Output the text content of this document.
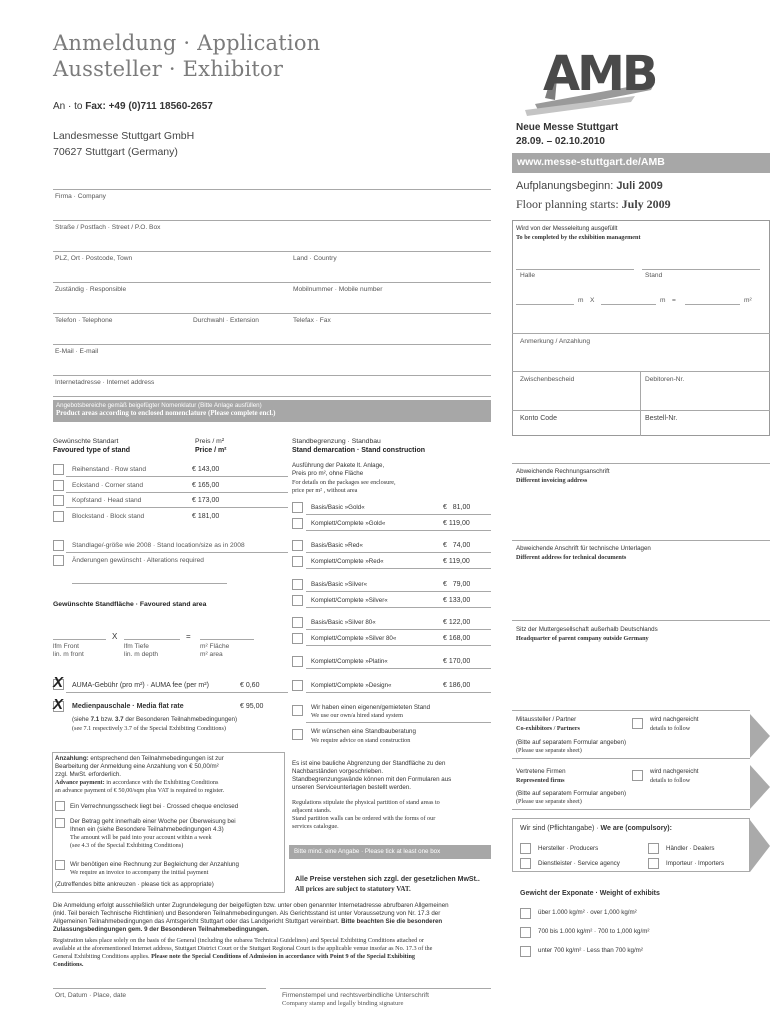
Anmeldung · Application
Aussteller · Exhibitor	AMB
An · to Fax: +49 (0)711 18560-2657
Landesmesse Stuttgart GmbH
70627 Stuttgart (Germany)
Neue Messe Stuttgart
28.09. – 02.10.2010
www.messe-stuttgart.de/AMB
Aufplanungsbeginn: Juli 2009
Floor planning starts: July 2009
Firma · Company
Straße / Postfach · Street / P.O. Box
PLZ, Ort · Postcode, Town	Land · Country
Zuständig · Responsible	Mobilnummer · Mobile number
Telefon · Telephone	Durchwahl · Extension	Telefax · Fax
E-Mail · E-mail
Internetadresse · Internet address
Angebotsbereiche gemäß beigefügter Nomenklatur (Bitte Anlage ausfüllen)
Product areas according to enclosed nomenclature (Please complete encl.)
Gewünschte Standart
Favoured type of stand
Preis / m²
Price / m²
Reihenstand · Row stand	€ 143,00
Eckstand · Corner stand	€ 165,00
Kopfstand · Head stand	€ 173,00
Blockstand · Block stand	€ 181,00
Standlage/-größe wie 2008 · Stand location/size as in 2008
Änderungen gewünscht · Alterations required
Gewünschte Standfläche · Favoured stand area
X	=
lfm Front
lin. m front
lfm Tiefe
lin. m depth
m² Fläche
m² area
X AUMA-Gebühr (pro m²) · AUMA fee (per m²)	€ 0,60
X Medienpauschale · Media flat rate	€ 95,00
(siehe 7.1 bzw. 3.7 der Besonderen Teilnahmebedingungen)
(see 7.1 respectively 3.7 of the Special Exhibiting Conditions)
Anzahlung: entsprechend den Teilnahmebedingungen ist zur
Bearbeitung der Anmeldung eine Anzahlung von € 50,00/m²
zzgl. MwSt. erforderlich.
Advance payment: in accordance with the Exhibiting Conditions
an advance payment of € 50,00/sqm plus VAT is required to register.
Ein Verrechnungsscheck liegt bei · Crossed cheque enclosed
Der Betrag geht innerhalb einer Woche per Überweisung bei
Ihnen ein (siehe Besondere Teilnahmebedingungen 4.3)
The amount will be paid into your account within a week
(see 4.3 of the Special Exhibiting Conditions)
Wir benötigen eine Rechnung zur Begleichung der Anzahlung
We require an invoice to accompany the initial payment
(Zutreffendes bitte ankreuzen · please tick as appropriate)
Standbegrenzung · Standbau
Stand demarcation · Stand construction
Ausführung der Pakete lt. Anlage,
Preis pro m², ohne Fläche
For details on the packages see enclosure,
price per m² , without area
Basis/Basic »Gold«	€   81,00
Komplett/Complete »Gold«	€ 119,00
Basis/Basic »Red«	€   74,00
Komplett/Complete »Red«	€ 119,00
Basis/Basic »Silver«	€   79,00
Komplett/Complete »Silver«	€ 133,00
Basis/Basic »Silver 80«	€ 122,00
Komplett/Complete »Silver 80«	€ 168,00
Komplett/Complete »Platin«	€ 170,00
Komplett/Complete »Design«	€ 186,00
Wir haben einen eigenen/gemieteten Stand
We use our own/a hired stand system
Wir wünschen eine Standbauberatung
We require advice on stand construction
Es ist eine bauliche Abgrenzung der Standfläche zu den
Nachbarständen vorgeschrieben.
Standbegrenzungswände können mit den Formularen aus
unseren Serviceunterlagen bestellt werden.
Regulations stipulate the physical partition of stand areas to
adjacent stands.
Stand partition walls can be ordered with the forms of our
services catalogue.
Bitte mind. eine Angabe · Please tick at least one box
Alle Preise verstehen sich zzgl. der gesetzlichen MwSt..
All prices are subject to statutory VAT.
Wird von der Messeleitung ausgefüllt
To be completed by the exhibition management
Halle	Stand
m X	m =	m²
Anmerkung / Anzahlung
Zwischenbescheid	Debitoren-Nr.
Konto Code	Bestell-Nr.
Abweichende Rechnungsanschrift
Different invoicing address
Abweichende Anschrift für technische Unterlagen
Different address for technical documents
Sitz der Muttergesellschaft außerhalb Deutschlands
Headquarter of parent company outside Germany
Mitaussteller / Partner
Co-exhibitors / Partners
wird nachgereicht
details to follow
(Bitte auf separatem Formular angeben)
(Please use separate sheet)
Vertretene Firmen
Represented firms
wird nachgereicht
details to follow
(Bitte auf separatem Formular angeben)
(Please use separate sheet)
Wir sind (Pflichtangabe) · We are (compulsory):
Hersteller · Producers	Händler · Dealers
Dienstleister · Service agency	Importeur · Importers
Gewicht der Exponate · Weight of exhibits
über 1.000 kg/m² · over 1,000 kg/m²
700 bis 1.000 kg/m² · 700 to 1,000 kg/m²
unter 700 kg/m² · Less than 700 kg/m²
Die Anmeldung erfolgt ausschließlich unter Zugrundelegung der beigefügten bzw. unter oben genannter Internetadresse abrufbaren Allgemeinen
(inkl. Teil bereich Technische Richtlinien) und Besonderen Teilnahmebedingungen. Als Gerichtsstand ist unter Voraussetzung von Nr. 17.3 der
Allgemeinen Teilnahmebedingungen das Amtsgericht Stuttgart oder das Landgericht Stuttgart vereinbart. Bitte beachten Sie die besonderen
Zulassungsbedingungen gem. 9 der Besonderen Teilnahmebedingungen.
Registration takes place solely on the basis of the General (including the subarea Technical Guidelines) and Special Exhibiting Conditions attached or
available at the aforementioned Internet address, Stuttgart District Court or the Stuttgart Regional Court is the applicable venue insofar as No. 17.3 of the
General Exhibiting Conditions applies. Please note the Special Conditions of Admission in accordance with Point 9 of the Special Exhibiting
Conditions.
Ort, Datum · Place, date	Firmenstempel und rechtsverbindliche Unterschrift
Company stamp and legally binding signature
